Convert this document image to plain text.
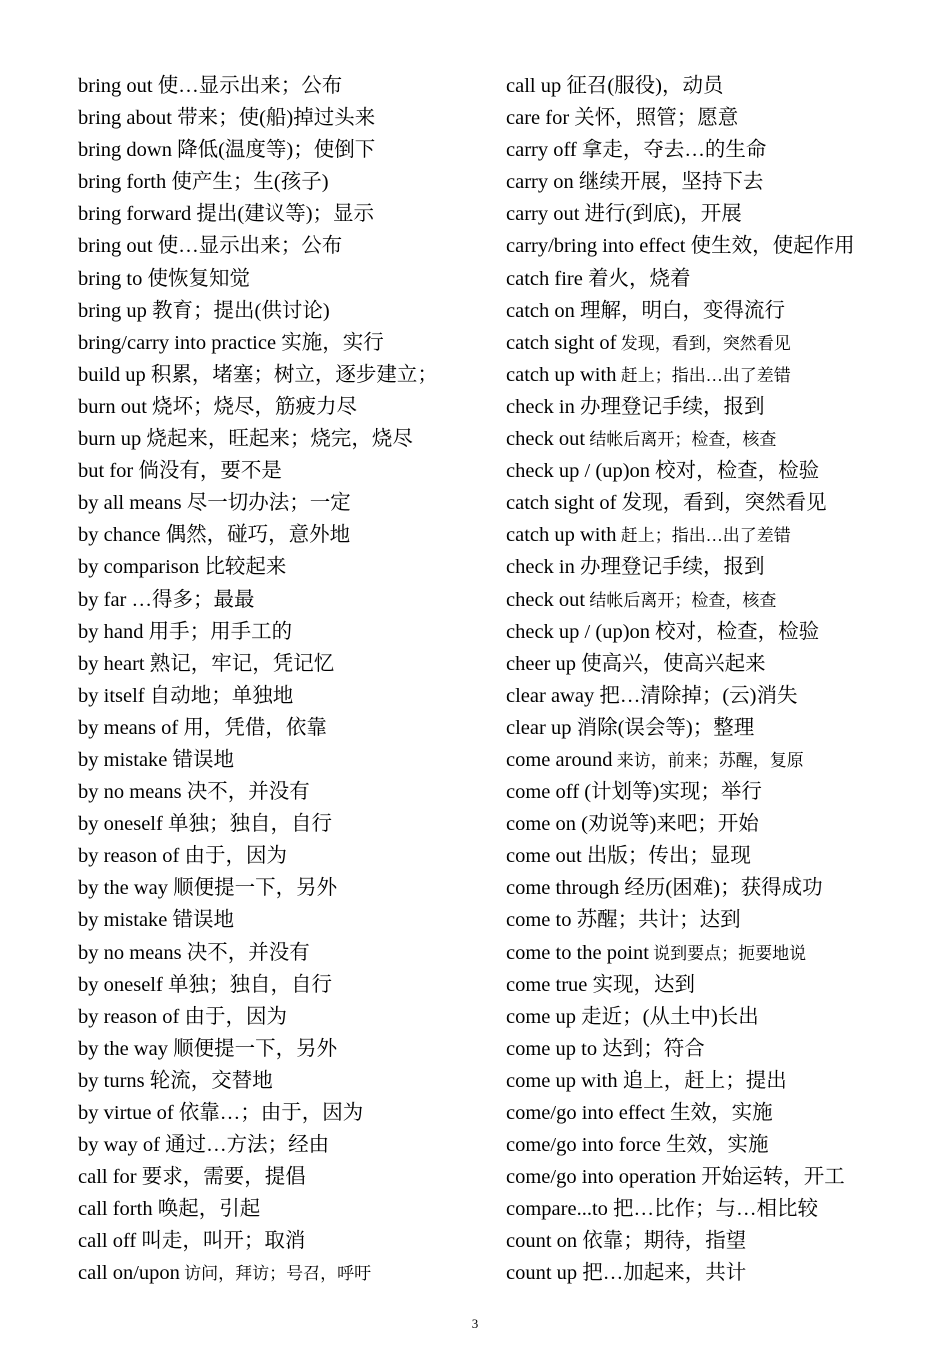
bring out 使…显示出来；公布
bring about 带来；使(船)掉过头来
bring down 降低(温度等)；使倒下
bring forth 使产生；生(孩子)
bring forward 提出(建议等)；显示
bring out 使…显示出来；公布
bring to 使恢复知觉
bring up 教育；提出(供讨论)
bring/carry into practice 实施，实行
build up 积累，堵塞；树立，逐步建立；
burn out 烧坏；烧尽，筋疲力尽
burn up 烧起来，旺起来；烧完，烧尽
but for 倘没有，要不是
by all means 尽一切办法；一定
by chance 偶然，碰巧，意外地
by comparison 比较起来
by far …得多；最最
by hand 用手；用手工的
by heart 熟记，牢记，凭记忆
by itself 自动地；单独地
by means of 用，凭借，依靠
by mistake 错误地
by no means 决不，并没有
by oneself 单独；独自，自行
by reason of 由于，因为
by the way 顺便提一下，另外
by mistake 错误地
by no means 决不，并没有
by oneself 单独；独自，自行
by reason of 由于，因为
by the way 顺便提一下，另外
by turns 轮流，交替地
by virtue of 依靠…；由于，因为
by way of 通过…方法；经由
call for 要求，需要，提倡
call forth 唤起，引起
call off 叫走，叫开；取消
call on/upon 访问，拜访；号召，呼吁
call up 征召(服役)，动员
care for 关怀，照管；愿意
carry off 拿走，夺去…的生命
carry on 继续开展，坚持下去
carry out 进行(到底)，开展
carry/bring into effect 使生效，使起作用
catch fire 着火，烧着
catch on 理解，明白，变得流行
catch sight of 发现，看到，突然看见
catch up with 赶上；指出…出了差错
check in 办理登记手续，报到
check out 结帐后离开；检查，核查
check up / (up)on 校对，检查，检验
catch sight of 发现，看到，突然看见
catch up with 赶上；指出…出了差错
check in 办理登记手续，报到
check out 结帐后离开；检查，核查
check up / (up)on 校对，检查，检验
cheer up 使高兴，使高兴起来
clear away 把…清除掉；(云)消失
clear up 消除(误会等)；整理
come around 来访，前来；苏醒，复原
come off (计划等)实现；举行
come on (劝说等)来吧；开始
come out 出版；传出；显现
come through 经历(困难)；获得成功
come to 苏醒；共计；达到
come to the point 说到要点；扼要地说
come true 实现，达到
come up 走近；(从土中)长出
come up to 达到；符合
come up with 追上，赶上；提出
come/go into effect 生效，实施
come/go into force 生效，实施
come/go into operation 开始运转，开工
compare...to 把…比作；与…相比较
count on 依靠；期待，指望
count up 把…加起来，共计
3
